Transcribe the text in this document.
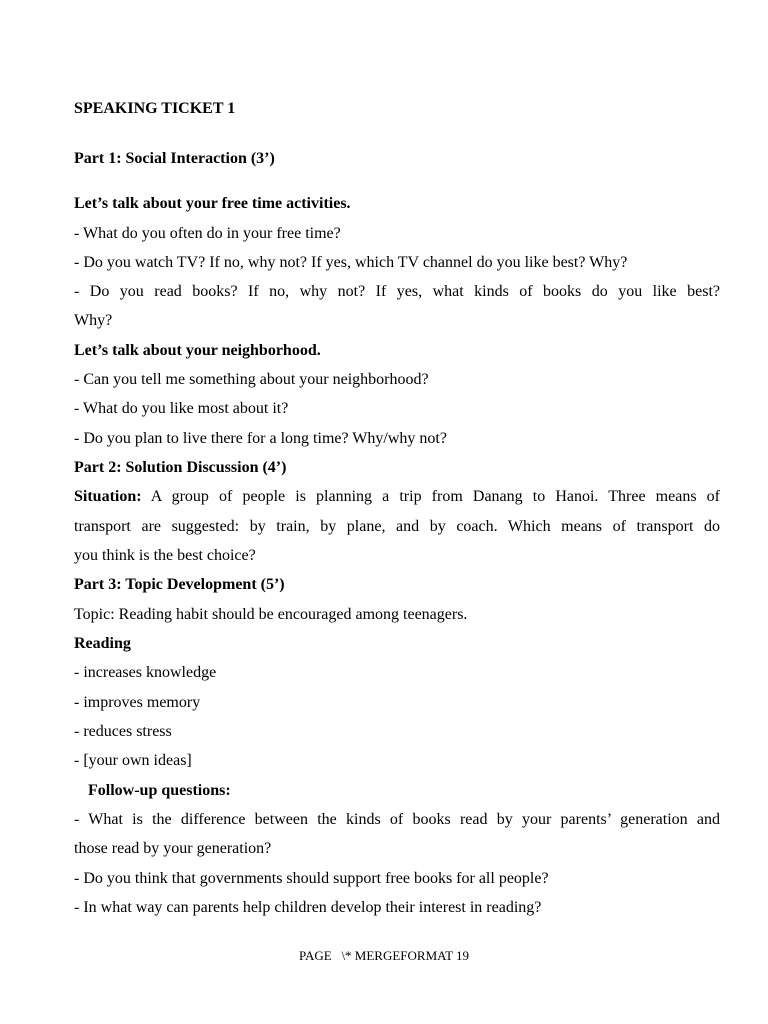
SPEAKING TICKET 1
Part 1: Social Interaction (3’)
Let’s talk about your free time activities.
- What do you often do in your free time?
- Do you watch TV? If no, why not? If yes, which TV channel do you like best? Why?
- Do you read books? If no, why not? If yes, what kinds of books do you like best?
Why?
Let’s talk about your neighborhood.
- Can you tell me something about your neighborhood?
- What do you like most about it?
- Do you plan to live there for a long time? Why/why not?
Part 2: Solution Discussion (4’)
Situation: A group of people is planning a trip from Danang to Hanoi. Three means of
transport are suggested: by train, by plane, and by coach. Which means of transport do
you think is the best choice?
Part 3: Topic Development (5’)
Topic: Reading habit should be encouraged among teenagers.
Reading
- increases knowledge
- improves memory
- reduces stress
- [your own ideas]
Follow-up questions:
- What is the difference between the kinds of books read by your parents’ generation and
those read by your generation?
- Do you think that governments should support free books for all people?
- In what way can parents help children develop their interest in reading?
PAGE   \* MERGEFORMAT 19
